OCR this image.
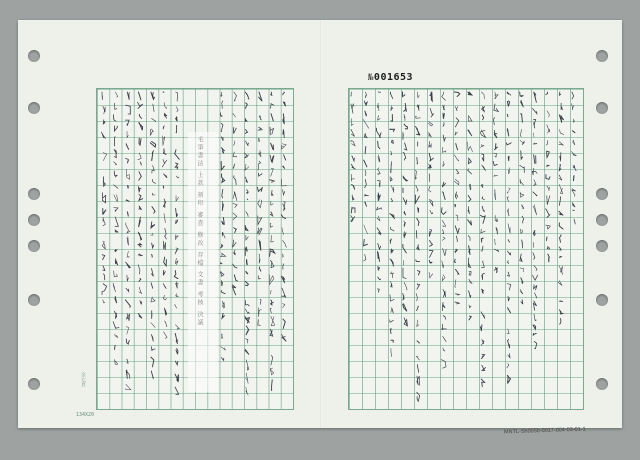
№001653
毛筆書法 上款 刻印 審查 修改 存檔 文書 考核 決議
全七頁
134X20
MNTL-Sh005b-0017-004-03-01-1
